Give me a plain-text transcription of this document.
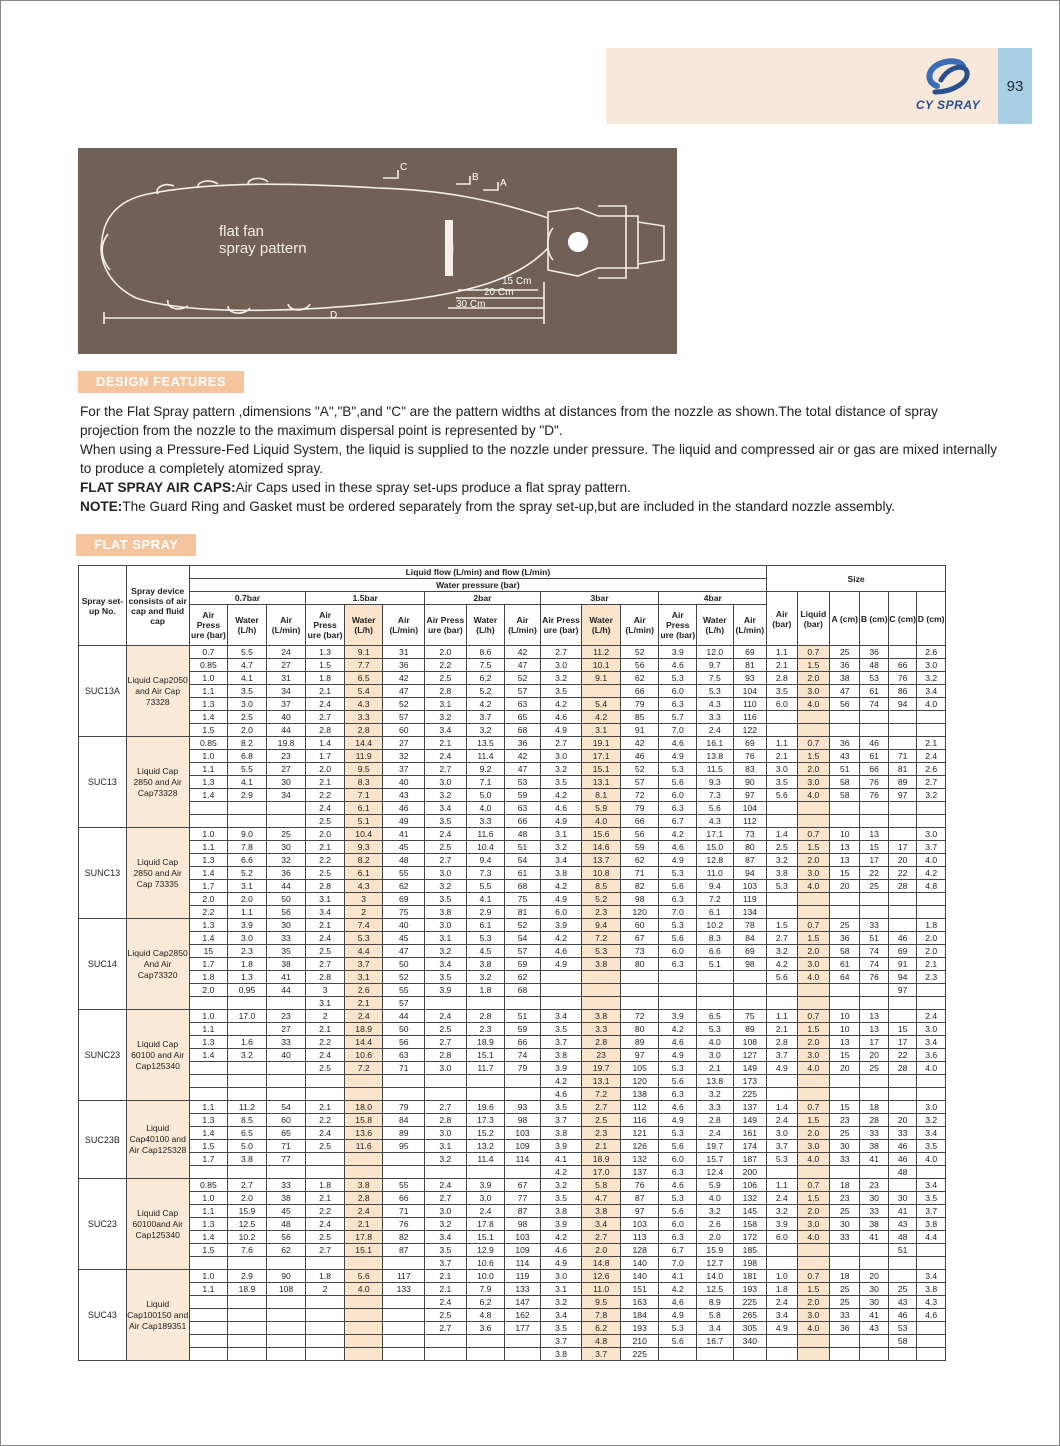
CY SPRAY
93
flat fan
spray pattern
C
B
A
D
15 Cm
20 Cm
30 Cm
DESIGN FEATURES

For the Flat Spray pattern ,dimensions "A","B",and "C" are the pattern widths at distances from the nozzle as shown.The total distance of spray projection from the nozzle to the maximum dispersal point is represented by "D".

When using a Pressure-Fed Liquid System, the liquid is supplied to the nozzle under pressure. The liquid and compressed air or gas are mixed internally to produce a completely atomized spray.

FLAT SPRAY AIR CAPS:Air Caps used in these spray set-ups produce a flat spray pattern.

NOTE:The Guard Ring and Gasket must be ordered separately from the spray set-up,but are included in the standard nozzle assembly.

FLAT SPRAY
Spray set-up No.	Spray device consists of air cap and fluid cap	Liquid flow (L/min) and flow (L/min)															Size					
		Water pressure (bar)																				
		0.7bar			1.5bar			2bar			3bar			4bar			Air (bar)	Liquid (bar)	A (cm)	B (cm)	C (cm)	D (cm)
		Air Press ure (bar)	Water (L/h)	Air (L/min)	Air Press ure (bar)	Water (L/h)	Air (L/min)	Air Press ure (bar)	Water (L/h)	Air (L/min)	Air Press ure (bar)	Water (L/h)	Air (L/min)	Air Press ure (bar)	Water (L/h)	Air (L/min)						
SUC13A	Liquid Cap2050 and Air Cap 73328	0.7	5.5	24	1.3	9.1	31	2.0	8.6	42	2.7	11.2	52	3.9	12.0	69	1.1	0.7	25	36		2.6
		0.85	4.7	27	1.5	7.7	36	2.2	7.5	47	3.0	10.1	56	4.6	9.7	81	2.1	1.5	36	48	66	3.0
		1.0	4.1	31	1.8	6.5	42	2.5	6.2	52	3.2	9.1	62	5.3	7.5	93	2.8	2.0	38	53	76	3.2
		1.1	3.5	34	2.1	5.4	47	2.8	5.2	57	3.5		66	6.0	5.3	104	3.5	3.0	47	61	86	3.4
		1.3	3.0	37	2.4	4.3	52	3.1	4.2	63	4.2	5.4	79	6.3	4.3	110	6.0	4.0	56	74	94	4.0
		1.4	2.5	40	2.7	3.3	57	3.2	3.7	65	4.6	4.2	85	5.7	3.3	116						
		1.5	2.0	44	2.8	2.8	60	3.4	3.2	68	4.9	3.1	91	7.0	2.4	122						
SUC13	Liquid Cap 2850 and Air Cap73328	0.85	8.2	19.8	1.4	14.4	27	2.1	13.5	36	2.7	19.1	42	4.6	16.1	69	1.1	0.7	36	46		2.1
		1.0	6.8	23	1.7	11.9	32	2.4	11.4	42	3.0	17.1	46	4.9	13.8	76	2.1	1.5	43	61	71	2.4
		1.1	5.5	27	2.0	9.5	37	2.7	9.2	47	3.2	15.1	52	5.3	11.5	83	3.0	2.0	51	66	81	2.6
		1.3	4.1	30	2.1	8.3	40	3.0	7.1	53	3.5	13.1	57	5.6	9.3	90	3.5	3.0	58	76	89	2.7
		1.4	2.9	34	2.2	7.1	43	3.2	5.0	59	4.2	8.1	72	6.0	7.3	97	5.6	4.0	58	76	97	3.2
					2.4	6.1	46	3.4	4.0	63	4.6	5.9	79	6.3	5.6	104						
					2.5	5.1	49	3.5	3.3	66	4.9	4.0	66	6.7	4.3	112						
SUNC13	Liquid Cap 2850 and Air Cap 73335	1.0	9.0	25	2.0	10.4	41	2.4	11.6	48	3.1	15.6	56	4.2	17.1	73	1.4	0.7	10	13		3.0
		1.1	7.8	30	2.1	9.3	45	2.5	10.4	51	3.2	14.6	59	4.6	15.0	80	2.5	1.5	13	15	17	3.7
		1.3	6.6	32	2.2	8.2	48	2.7	9.4	54	3.4	13.7	62	4.9	12.8	87	3.2	2.0	13	17	20	4.0
		1.4	5.2	36	2.5	6.1	55	3.0	7.3	61	3.8	10.8	71	5.3	11.0	94	3.8	3.0	15	22	22	4.2
		1.7	3.1	44	2.8	4.3	62	3.2	5.5	68	4.2	8.5	82	5.6	9.4	103	5.3	4.0	20	25	28	4.8
		2.0	2.0	50	3.1	3	69	3.5	4.1	75	4.9	5.2	98	6.3	7.2	119						
		2.2	1.1	56	3.4	2	75	3.8	2.9	81	6.0	2.3	120	7.0	6.1	134						
SUC14	Liquid Cap2850 And Air Cap73320	1.3	3.9	30	2.1	7.4	40	3.0	6.1	52	3.9	9.4	60	5.3	10.2	78	1.5	0.7	25	33		1.8
		1.4	3.0	33	2.4	5.3	45	3.1	5.3	54	4.2	7.2	67	5.6	8.3	84	2.7	1.5	36	51	46	2.0
		15	2.3	35	2.5	4.4	47	3.2	4.5	57	4.6	5.3	73	6.0	6.6	69	3.2	2.0	58	74	69	2.0
		1.7	1.8	38	2.7	3.7	50	3.4	3.8	59	4.9	3.8	80	6.3	5.1	98	4.2	3.0	61	74	91	2.1
		1.8	1.3	41	2.8	3.1	52	3.5	3.2	62							5.6	4.0	64	76	94	2.3
		2.0	0.95	44	3	2.6	55	3.9	1.8	68											97	
					3.1	2.1	57															
SUNC23	Liquid Cap 60100 and Air Cap125340	1.0	17.0	23	2	2.4	44	2.4	2.8	51	3.4	3.8	72	3.9	6.5	75	1.1	0.7	10	13		2.4
		1.1		27	2.1	18.9	50	2.5	2.3	59	3.5	3.3	80	4.2	5.3	89	2.1	1.5	10	13	15	3.0
		1.3	1.6	33	2.2	14.4	56	2.7	18.9	66	3.7	2.8	89	4.6	4.0	108	2.8	2.0	13	17	17	3.4
		1.4	3.2	40	2.4	10.6	63	2.8	15.1	74	3.8	23	97	4.9	3.0	127	3.7	3.0	15	20	22	3.6
					2.5	7.2	71	3.0	11.7	79	3.9	19.7	105	5.3	2.1	149	4.9	4.0	20	25	28	4.0
											4.2	13.1	120	5.6	13.8	173						
											4.6	7.2	138	6.3	3.2	225						
SUC23B	Liquid Cap40100 and Air Cap125328	1.1	11.2	54	2.1	18.0	79	2.7	19.6	93	3.5	2.7	112	4.6	3.3	137	1.4	0.7	15	18		3.0
		1.3	8.5	60	2.2	15.8	84	2.8	17.3	98	3.7	2.5	116	4.9	2.8	149	2.4	1.5	23	28	20	3.2
		1.4	6.5	65	2.4	13.6	89	3.0	15.2	103	3.8	2.3	121	5.3	2.4	161	3.0	2.0	25	33	33	3.4
		1.5	5.0	71	2.5	11.6	95	3.1	13.2	109	3.9	2.1	126	5.6	19.7	174	3.7	3.0	30	38	46	3.5
		1.7	3.8	77				3.2	11.4	114	4.1	18.9	132	6.0	15.7	187	5.3	4.0	33	41	46	4.0
											4.2	17.0	137	6.3	12.4	200					48	
SUC23	Liquid Cap 60100and Air Cap125340	0.85	2.7	33	1.8	3.8	55	2.4	3.9	67	3.2	5.8	76	4.6	5.9	106	1.1	0.7	18	23		3.4
		1.0	2.0	38	2.1	2.8	66	2.7	3.0	77	3.5	4.7	87	5.3	4.0	132	2.4	1.5	23	30	30	3.5
		1.1	15.9	45	2.2	2.4	71	3.0	2.4	87	3.8	3.8	97	5.6	3.2	145	3.2	2.0	25	33	41	3.7
		1.3	12.5	48	2.4	2.1	76	3.2	17.8	98	3.9	3.4	103	6.0	2.6	158	3.9	3.0	30	38	43	3.8
		1.4	10.2	56	2.5	17.8	82	3.4	15.1	103	4.2	2.7	113	6.3	2.0	172	6.0	4.0	33	41	48	4.4
		1.5	7.6	62	2.7	15.1	87	3.5	12.9	109	4.6	2.0	128	6.7	15.9	185					51	
								3.7	10.6	114	4.9	14.8	140	7.0	12.7	198						
SUC43	Liquid Cap100150 and Air Cap189351	1.0	2.9	90	1.8	5.6	117	2.1	10.0	119	3.0	12.6	140	4.1	14.0	181	1.0	0.7	18	20		3.4
		1.1	18.9	108	2	4.0	133	2.1	7.9	133	3.1	11.0	151	4.2	12.5	193	1.8	1.5	25	30	25	3.8
								2.4	6.2	147	3.2	9.5	163	4.6	8.9	225	2.4	2.0	25	30	43	4.3
								2.5	4.8	162	3.4	7.8	184	4.9	5.8	265	3.4	3.0	33	41	46	4.6
								2.7	3.6	177	3.5	6.2	193	5.3	3.4	305	4.9	4.0	36	43	53	
											3.7	4.8	210	5.6	16.7	340					58	
											3.8	3.7	225									
